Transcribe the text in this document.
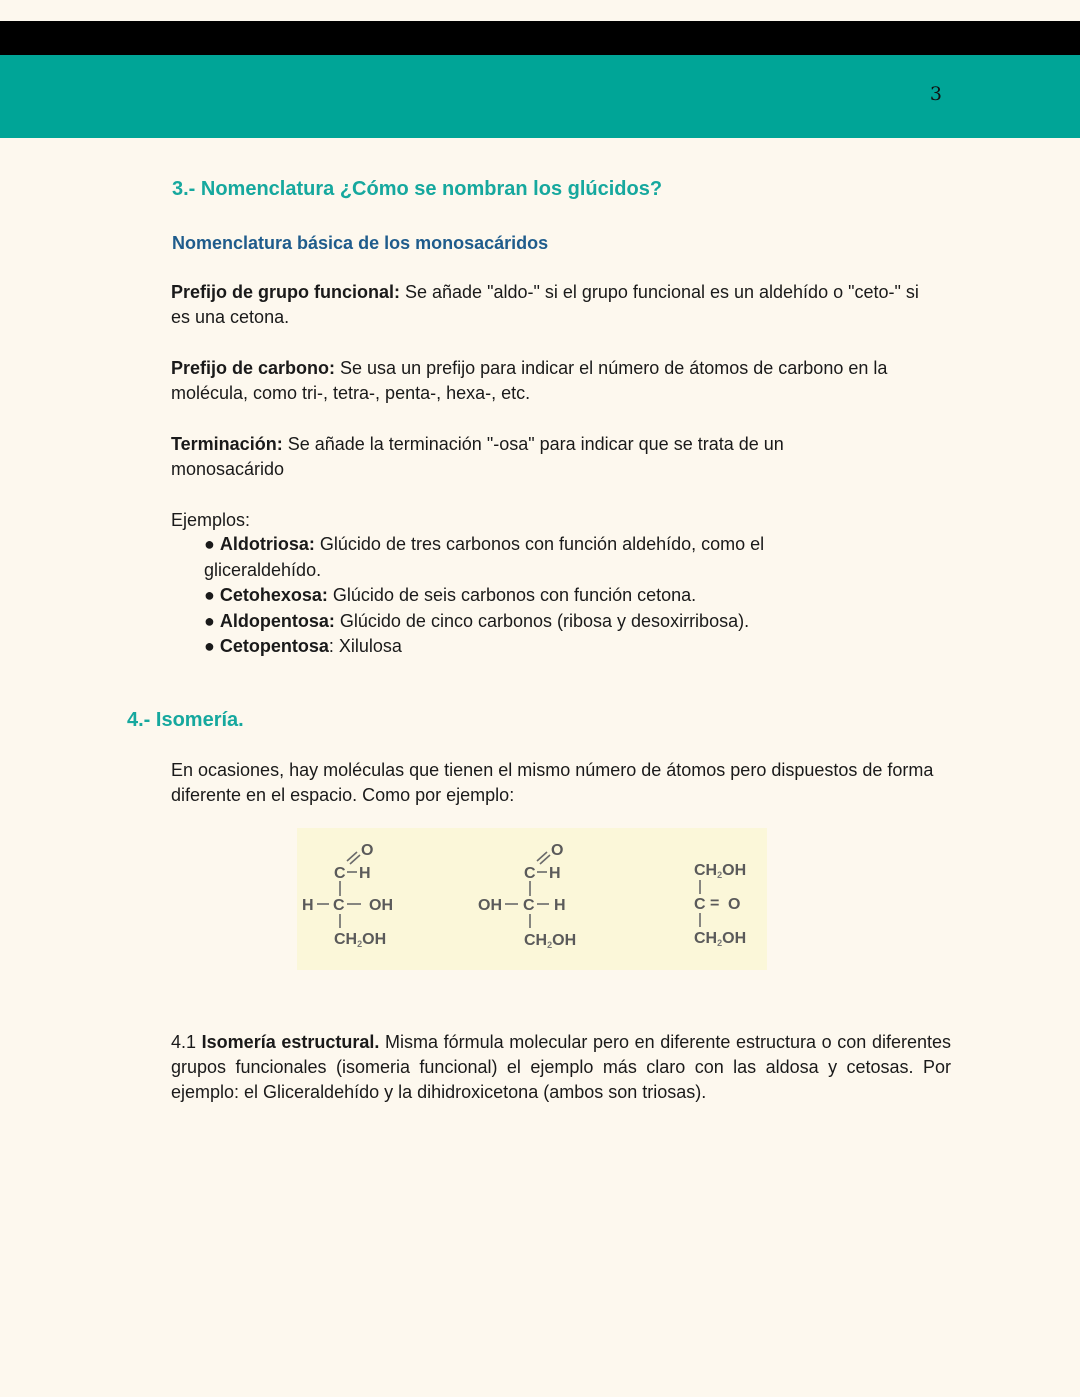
3
3.- Nomenclatura ¿Cómo se nombran los glúcidos?
Nomenclatura básica de los monosacáridos

Prefijo de grupo funcional: Se añade "aldo-" si el grupo funcional es un aldehído o "ceto-" si es una cetona.

Prefijo de carbono: Se usa un prefijo para indicar el número de átomos de carbono en la molécula, como tri-, tetra-, penta-, hexa-, etc.

Terminación: Se añade la terminación "-osa" para indicar que se trata de un monosacárido

Ejemplos:

● Aldotriosa: Glúcido de tres carbonos con función aldehído, como el gliceraldehído.
● Cetohexosa: Glúcido de seis carbonos con función cetona.
● Aldopentosa: Glúcido de cinco carbonos (ribosa y desoxirribosa).
● Cetopentosa: Xilulosa
4.- Isomería.

En ocasiones, hay moléculas que tienen el mismo número de átomos pero dispuestos de forma diferente en el espacio. Como por ejemplo:

O
C H
H C OH
CH2OH
O
C H
OH C H
CH2OH
CH2OH
C = O
CH2OH

4.1 Isomería estructural. Misma fórmula molecular pero en diferente estructura o con diferentes grupos funcionales (isomeria funcional) el ejemplo más claro con las aldosa y cetosas. Por ejemplo: el Gliceraldehído y la dihidroxicetona (ambos son triosas).
